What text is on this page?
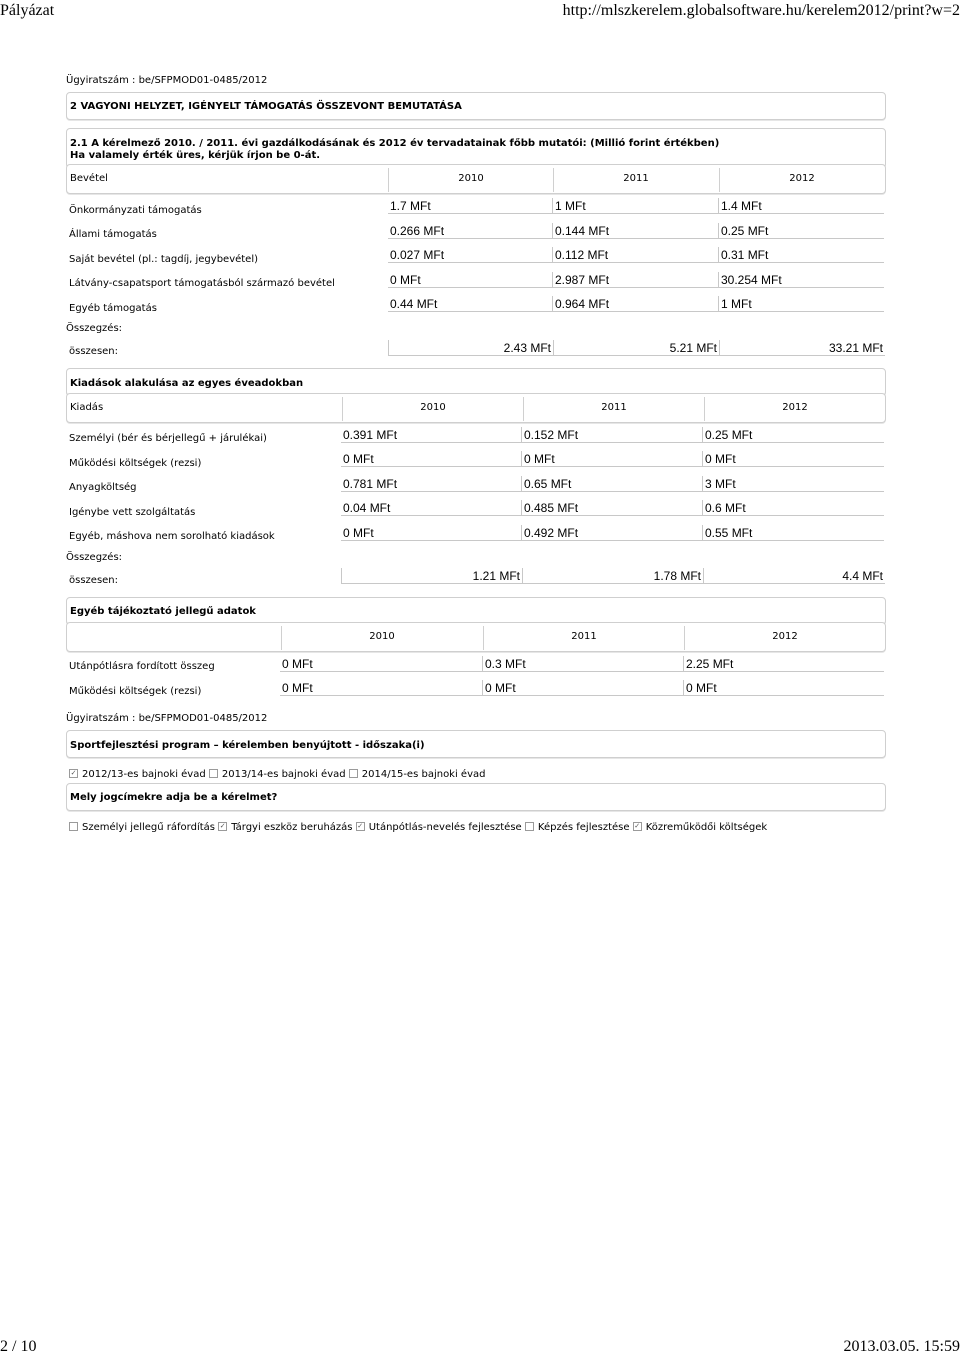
Pályázat	http://mlszkerelem.globalsoftware.hu/kerelem2012/print?w=2
Ügyiratszám : be/SFPMOD01-0485/2012
2 VAGYONI HELYZET, IGÉNYELT TÁMOGATÁS ÖSSZEVONT BEMUTATÁSA
2.1 A kérelmező 2010. / 2011. évi gazdálkodásának és 2012 év tervadatainak főbb mutatói: (Millió forint értékben)
Ha valamely érték üres, kérjük írjon be 0-át.
Bevétel	2010	2011	2012
Önkormányzati támogatás	1.7 MFt	1 MFt	1.4 MFt
Állami támogatás	0.266 MFt	0.144 MFt	0.25 MFt
Saját bevétel (pl.: tagdíj, jegybevétel)	0.027 MFt	0.112 MFt	0.31 MFt
Látvány-csapatsport támogatásból származó bevétel	0 MFt	2.987 MFt	30.254 MFt
Egyéb támogatás	0.44 MFt	0.964 MFt	1 MFt
Összegzés:
összesen:	2.43 MFt	5.21 MFt	33.21 MFt
Kiadások alakulása az egyes éveadokban
Kiadás	2010	2011	2012
Személyi (bér és bérjellegű + járulékai)	0.391 MFt	0.152 MFt	0.25 MFt
Működési költségek (rezsi)	0 MFt	0 MFt	0 MFt
Anyagköltség	0.781 MFt	0.65 MFt	3 MFt
Igénybe vett szolgáltatás	0.04 MFt	0.485 MFt	0.6 MFt
Egyéb, máshova nem sorolható kiadások	0 MFt	0.492 MFt	0.55 MFt
Összegzés:
összesen:	1.21 MFt	1.78 MFt	4.4 MFt
Egyéb tájékoztató jellegű adatok
2010	2011	2012
Utánpótlásra fordított összeg	0 MFt	0.3 MFt	2.25 MFt
Működési költségek (rezsi)	0 MFt	0 MFt	0 MFt
Ügyiratszám : be/SFPMOD01-0485/2012
Sportfejlesztési program – kérelemben benyújtott - időszaka(i)
✓ 2012/13-es bajnoki évad 2013/14-es bajnoki évad 2014/15-es bajnoki évad
Mely jogcímekre adja be a kérelmet?
Személyi jellegű ráfordítás ✓ Tárgyi eszköz beruházás ✓ Utánpótlás-nevelés fejlesztése Képzés fejlesztése ✓ Közreműködői költségek
2 / 10	2013.03.05. 15:59
